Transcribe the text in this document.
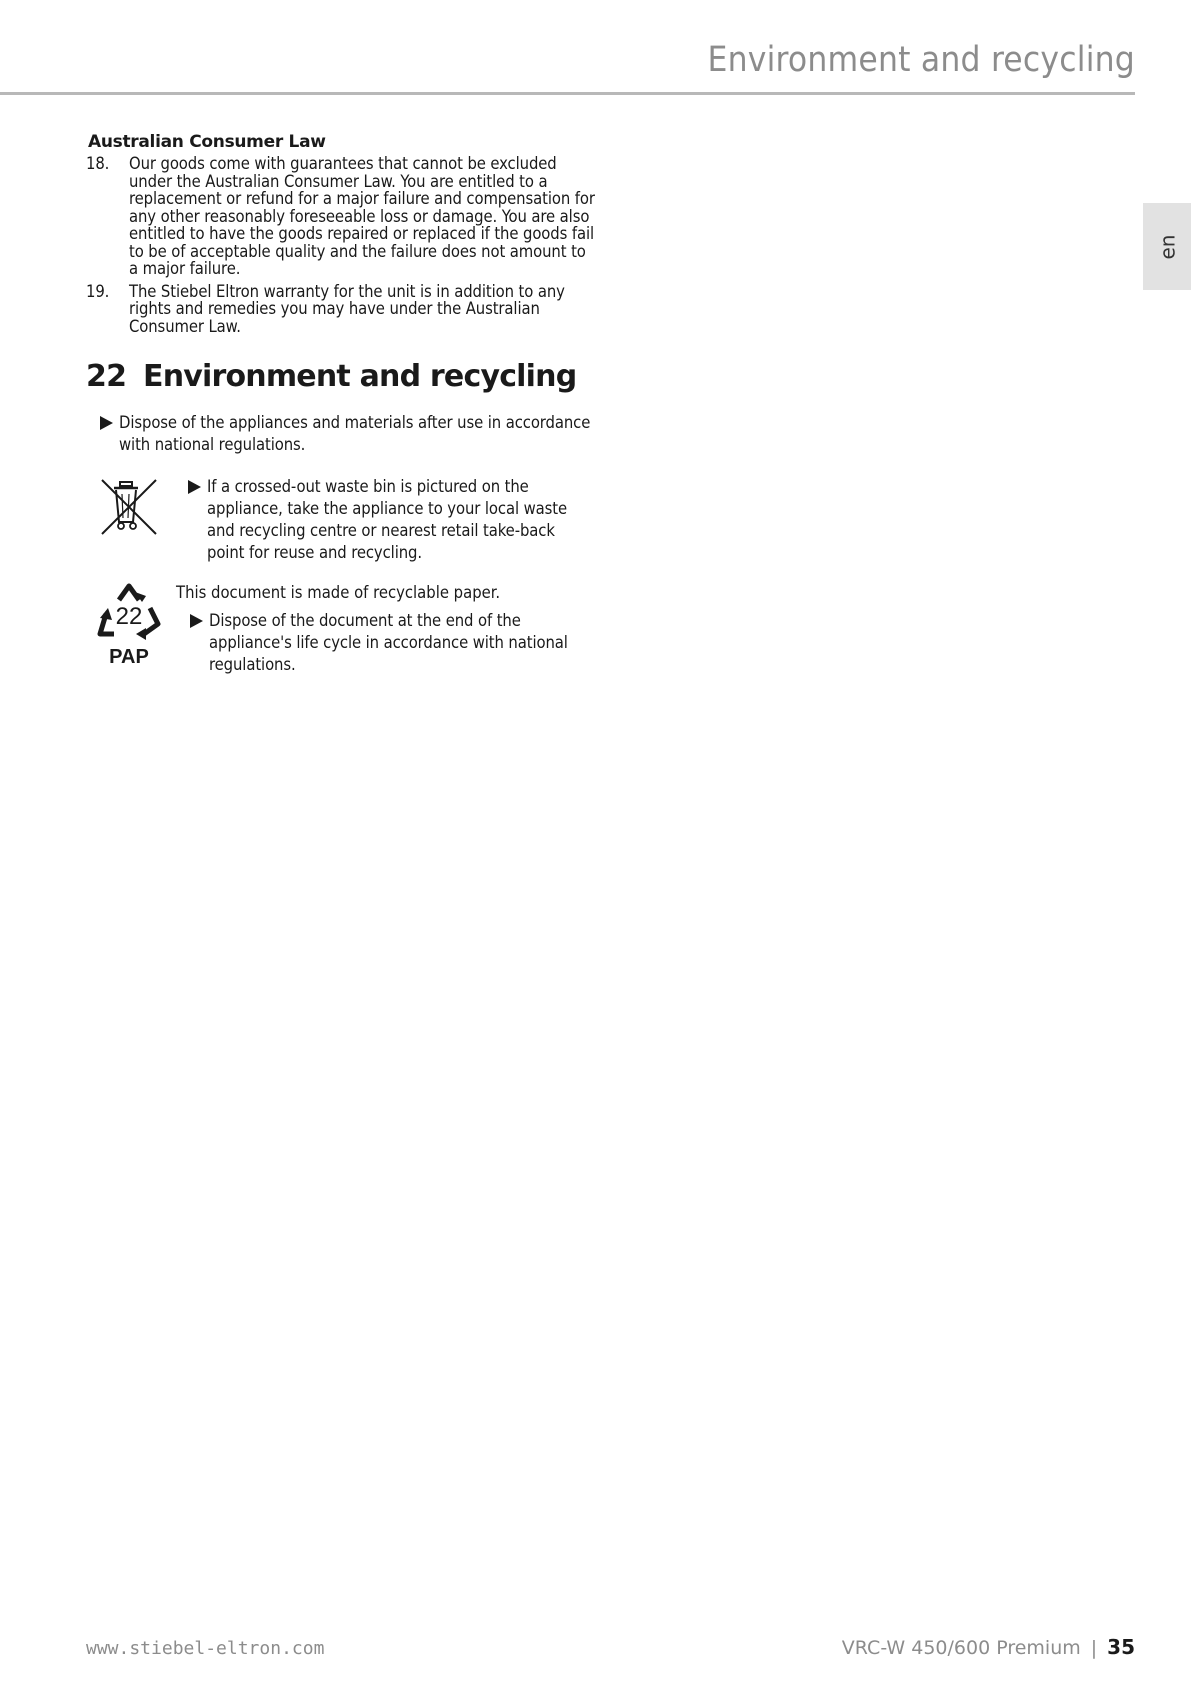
Environment and recycling
en
Australian Consumer Law
18.	Our goods come with guarantees that cannot be excluded under the Australian Consumer Law. You are entitled to a replacement or refund for a major failure and compensation for any other reasonably foreseeable loss or damage. You are also entitled to have the goods repaired or replaced if the goods fail to be of acceptable quality and the failure does not amount to a major failure.
19.	The Stiebel Eltron warranty for the unit is in addition to any rights and remedies you may have under the Australian Consumer Law.
22 Environment and recycling
Dispose of the appliances and materials after use in accordance with national regulations.
If a crossed-out waste bin is pictured on the appliance, take the appliance to your local waste and recycling centre or nearest retail take-back point for reuse and recycling.
22
PAP
This document is made of recyclable paper.
Dispose of the document at the end of the appliance's life cycle in accordance with national regulations.
www.stiebel-eltron.com	VRC-W 450/600 Premium | 35
